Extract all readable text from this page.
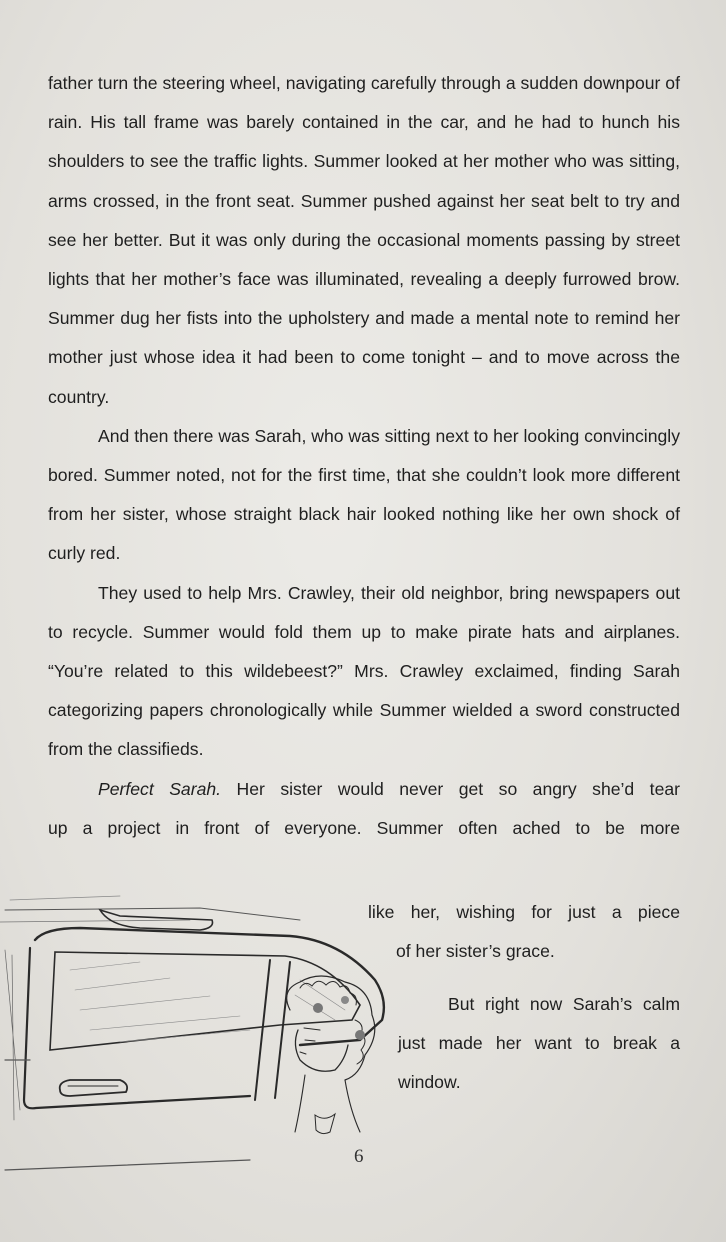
father turn the steering wheel, navigating carefully through a sudden downpour of rain. His tall frame was barely contained in the car, and he had to hunch his shoulders to see the traffic lights. Summer looked at her mother who was sitting, arms crossed, in the front seat. Summer pushed against her seat belt to try and see her better. But it was only during the occasional moments passing by street lights that her mother’s face was illuminated, revealing a deeply furrowed brow. Summer dug her fists into the upholstery and made a mental note to remind her mother just whose idea it had been to come tonight – and to move across the country.

And then there was Sarah, who was sitting next to her looking convincingly bored. Summer noted, not for the first time, that she couldn’t look more different from her sister, whose straight black hair looked nothing like her own shock of curly red.

They used to help Mrs. Crawley, their old neighbor, bring newspapers out to recycle. Summer would fold them up to make pirate hats and airplanes. “You’re related to this wildebeest?” Mrs. Crawley exclaimed, finding Sarah categorizing papers chronologically while Summer wielded a sword constructed from the classifieds.

Perfect Sarah. Her sister would never get so angry she’d tear

up a project in front of everyone. Summer often ached to be more

like her, wishing for just a piece

of her sister’s grace.

But right now Sarah’s calm just made her want to break a window.

6
